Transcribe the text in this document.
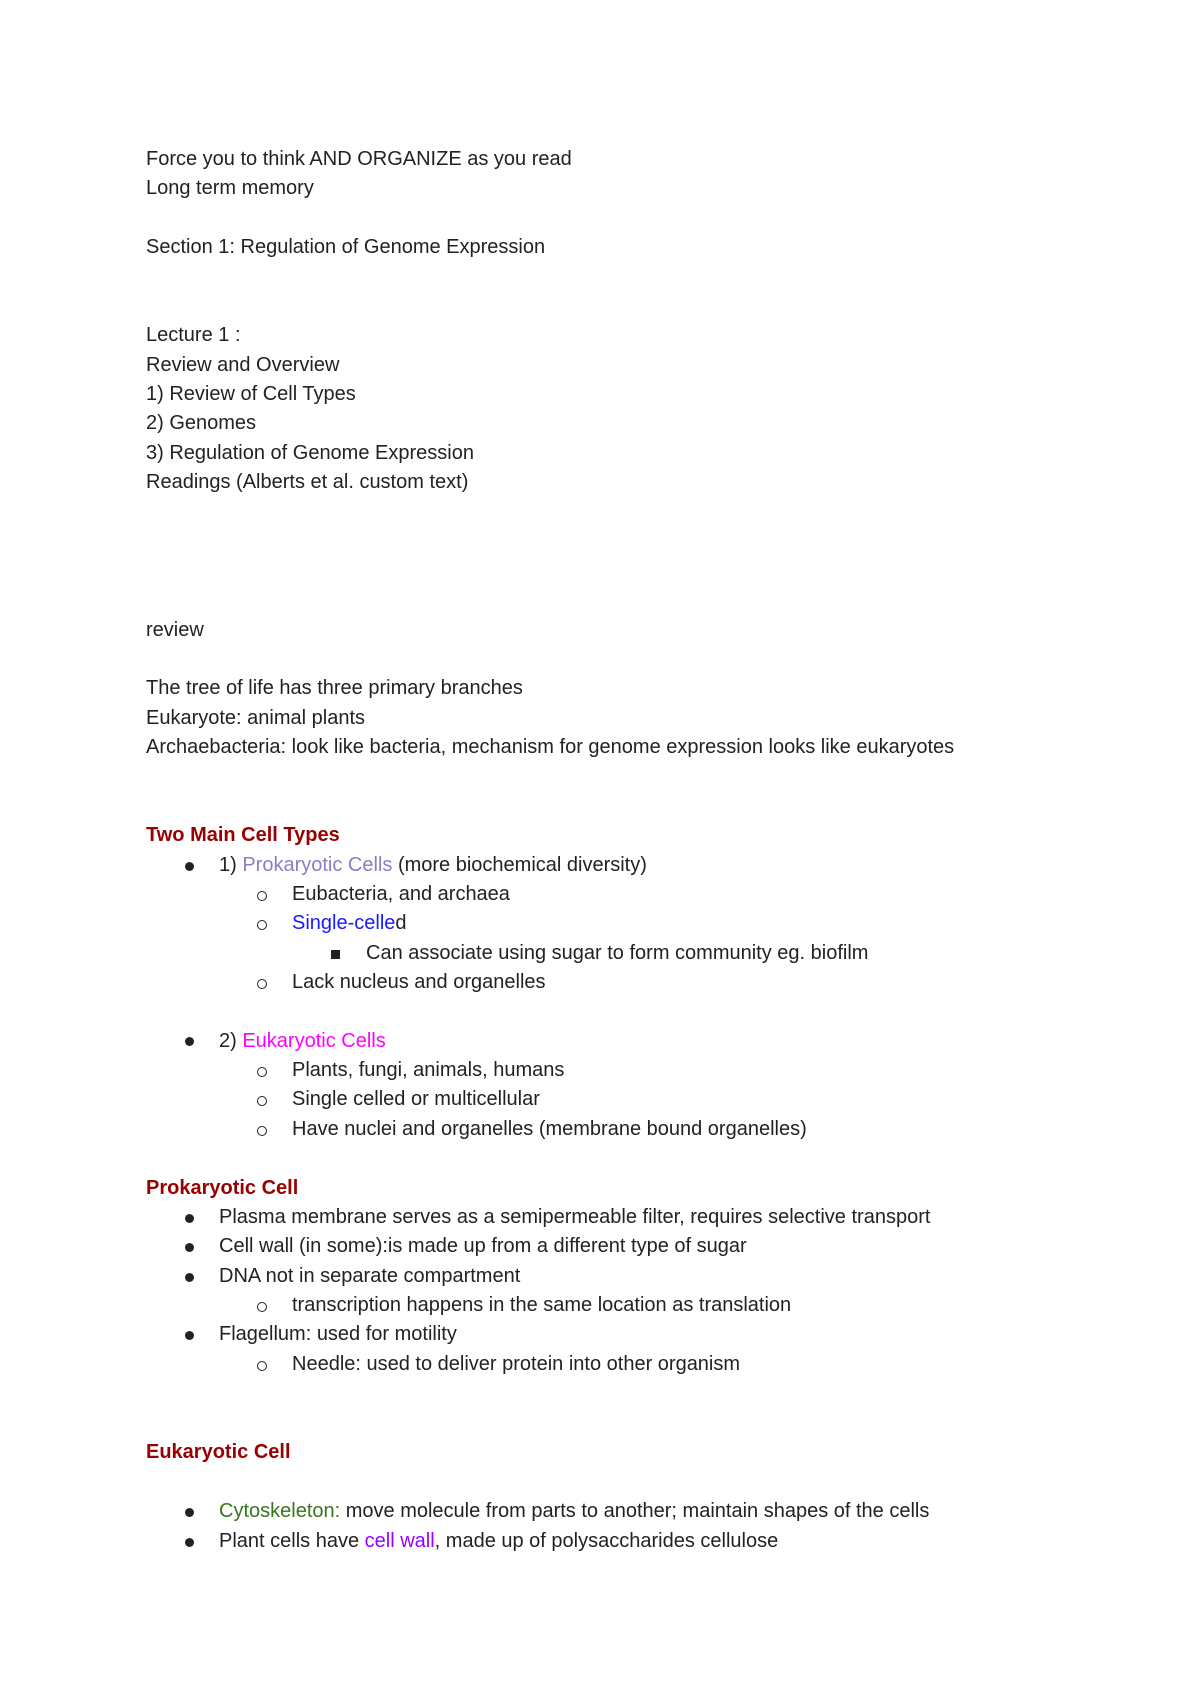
Force you to think AND ORGANIZE as you read
Long term memory
Section 1: Regulation of Genome Expression
Lecture 1 :
Review and Overview
1) Review of Cell Types
2) Genomes
3) Regulation of Genome Expression
Readings (Alberts et al. custom text)
review
The tree of life has three primary branches
Eukaryote: animal plants
Archaebacteria: look like bacteria, mechanism for genome expression looks like eukaryotes
Two Main Cell Types
1) Prokaryotic Cells (more biochemical diversity)
Eubacteria, and archaea
Single-celled
Can associate using sugar to form community eg. biofilm
Lack nucleus and organelles
2) Eukaryotic Cells
Plants, fungi, animals, humans
Single celled or multicellular
Have nuclei and organelles (membrane bound organelles)
Prokaryotic Cell
Plasma membrane serves as a semipermeable filter, requires selective transport
Cell wall (in some):is made up from a different type of sugar
DNA not in separate compartment
transcription happens in the same location as translation
Flagellum: used for motility
Needle: used to deliver protein into other organism
Eukaryotic Cell
Cytoskeleton: move molecule from parts to another; maintain shapes of the cells
Plant cells have cell wall, made up of polysaccharides cellulose
